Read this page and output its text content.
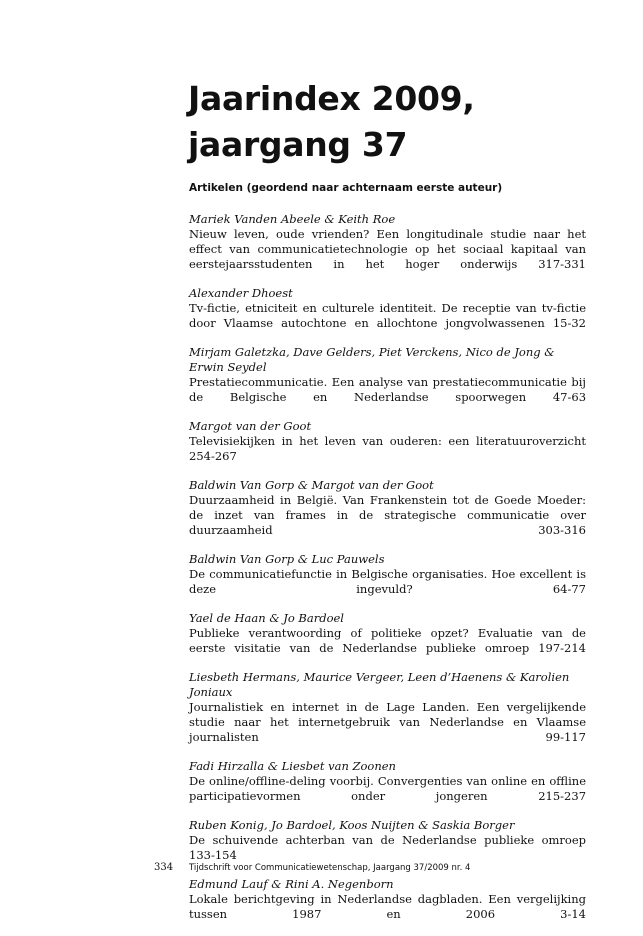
Jaarindex 2009,
jaargang 37
Artikelen (geordend naar achternaam eerste auteur)
Mariek Vanden Abeele & Keith Roe
Nieuw leven, oude vrienden? Een longitudinale studie naar het effect van communicatietechnologie op het sociaal kapitaal van eerstejaarsstudenten in het hoger onderwijs 317-331
Alexander Dhoest
Tv-fictie, etniciteit en culturele identiteit. De receptie van tv-fictie door Vlaamse autochtone en allochtone jongvolwassenen 15-32
Mirjam Galetzka, Dave Gelders, Piet Verckens, Nico de Jong & Erwin Seydel
Prestatiecommunicatie. Een analyse van prestatiecommunicatie bij de Belgische en Nederlandse spoorwegen 47-63
Margot van der Goot
Televisiekijken in het leven van ouderen: een literatuuroverzicht 254-267
Baldwin Van Gorp & Margot van der Goot
Duurzaamheid in België. Van Frankenstein tot de Goede Moeder: de inzet van frames in de strategische communicatie over duurzaamheid	303-316
Baldwin Van Gorp & Luc Pauwels
De communicatiefunctie in Belgische organisaties. Hoe excellent is deze ingevuld?	64-77
Yael de Haan & Jo Bardoel
Publieke verantwoording of politieke opzet? Evaluatie van de eerste visitatie van de Nederlandse publieke omroep 197-214
Liesbeth Hermans, Maurice Vergeer, Leen d’Haenens & Karolien Joniaux
Journalistiek en internet in de Lage Landen. Een vergelijkende studie naar het internetgebruik van Nederlandse en Vlaamse journalisten	99-117
Fadi Hirzalla & Liesbet van Zoonen
De online/offline-deling voorbij. Convergenties van online en offline participatievormen onder jongeren	215-237
Ruben Konig, Jo Bardoel, Koos Nuijten & Saskia Borger
De schuivende achterban van de Nederlandse publieke omroep 133-154
Edmund Lauf & Rini A. Negenborn
Lokale berichtgeving in Nederlandse dagbladen. Een vergelijking tussen 1987 en 2006	3-14
334 Tijdschrift voor Communicatiewetenschap, Jaargang 37/2009 nr. 4
